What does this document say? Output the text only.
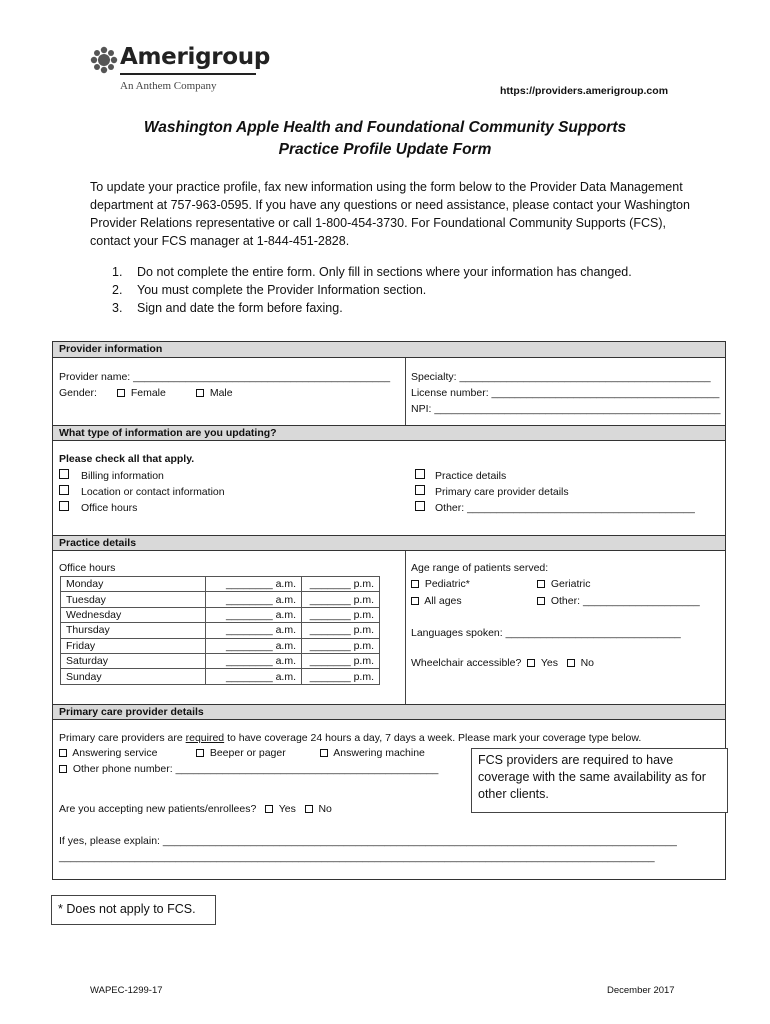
Amerigroup
An Anthem Company	https://providers.amerigroup.com
Washington Apple Health and Foundational Community Supports
Practice Profile Update Form
To update your practice profile, fax new information using the form below to the Provider Data Management department at 757-963-0595. If you have any questions or need assistance, please contact your Washington Provider Relations representative or call 1-800-454-3730. For Foundational Community Supports (FCS), contact your FCS manager at 1-844-451-2828.
1. Do not complete the entire form. Only fill in sections where your information has changed.
2. You must complete the Provider Information section.
3. Sign and date the form before faxing.
Provider information
Provider name: ____________________________________________
Gender:	Female	Male
Specialty: ___________________________________________
License number: _______________________________________
NPI: _________________________________________________
What type of information are you updating?
Please check all that apply.
Billing information
Location or contact information
Office hours
Practice details
Primary care provider details
Other: _______________________________________
Practice details
Office hours
Monday	________ a.m.	_______ p.m.
Tuesday	________ a.m.	_______ p.m.
Wednesday	________ a.m.	_______ p.m.
Thursday	________ a.m.	_______ p.m.
Friday	________ a.m.	_______ p.m.
Saturday	________ a.m.	_______ p.m.
Sunday	________ a.m.	_______ p.m.
Age range of patients served:
Pediatric*	Geriatric
All ages	Other: ____________________
Languages spoken: ______________________________
Wheelchair accessible? Yes No
Primary care provider details
Primary care providers are required to have coverage 24 hours a day, 7 days a week. Please mark your coverage type below.
Answering service	Beeper or pager	Answering machine
Other phone number: _____________________________________________
Are you accepting new patients/enrollees? Yes No
If yes, please explain: ________________________________________________________________________________________
______________________________________________________________________________________________________
FCS providers are required to have coverage with the same availability as for other clients.
* Does not apply to FCS.
WAPEC-1299-17	December 2017
